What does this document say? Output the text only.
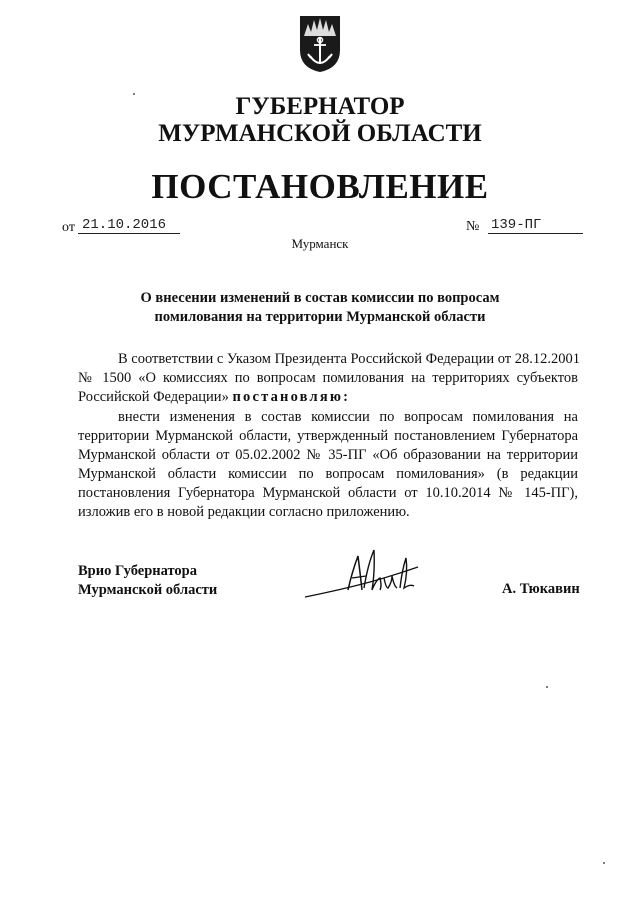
ГУБЕРНАТОР
МУРМАНСКОЙ ОБЛАСТИ
ПОСТАНОВЛЕНИЕ
от 21.10.2016	№ 139-ПГ
Мурманск
О внесении изменений в состав комиссии по вопросам
помилования на территории Мурманской области
В соответствии с Указом Президента Российской Федерации от 28.12.2001
№ 1500 «О комиссиях по вопросам помилования на территориях субъектов
Российской Федерации» постановляю:
внести изменения в состав комиссии по вопросам помилования на
территории Мурманской области, утвержденный постановлением Губернатора
Мурманской области от 05.02.2002 № 35-ПГ «Об образовании на территории
Мурманской области комиссии по вопросам помилования» (в редакции
постановления Губернатора Мурманской области от 10.10.2014 № 145-ПГ),
изложив его в новой редакции согласно приложению.
Врио Губернатора
Мурманской области	А. Тюкавин
